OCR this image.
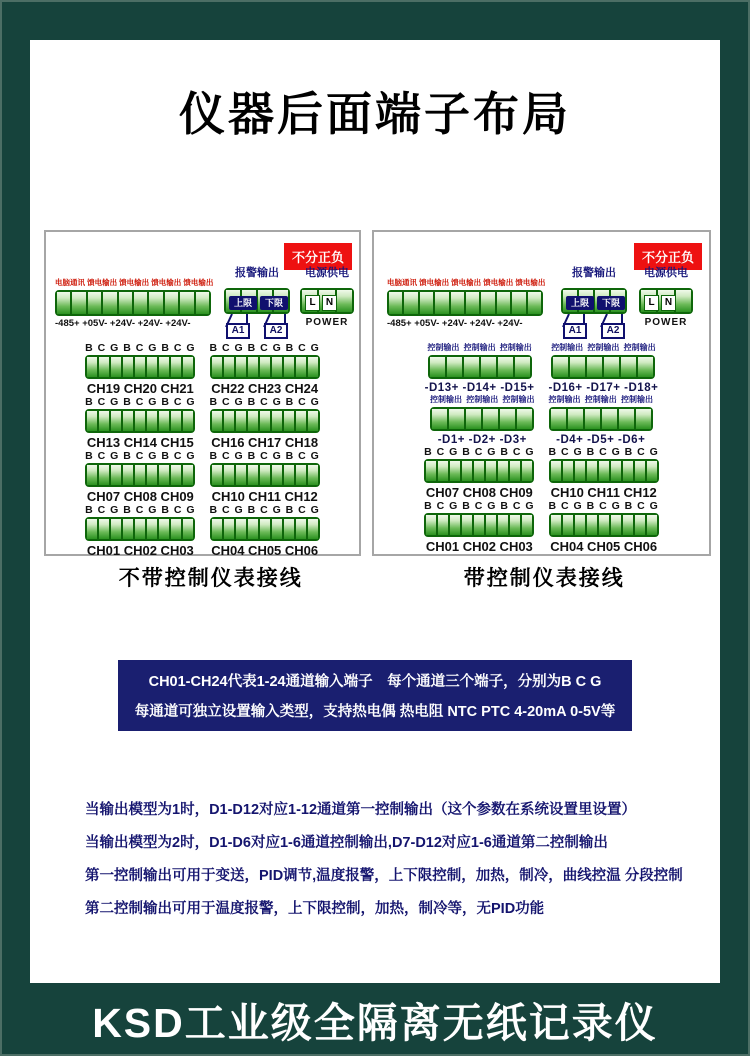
仪器后面端子布局
不分正负
电脑通讯 馈电输出 馈电输出 馈电输出 馈电输出
-485+ +05V- +24V- +24V- +24V-
报警输出
上限	下限
A1	A2
电源供电
L	N
POWER
B C G B C G B C G
CH19 CH20 CH21
B C G B C G B C G
CH22 CH23 CH24
B C G B C G B C G
CH13 CH14 CH15
B C G B C G B C G
CH16 CH17 CH18
B C G B C G B C G
CH07 CH08 CH09
B C G B C G B C G
CH10 CH11 CH12
B C G B C G B C G
CH01 CH02 CH03
B C G B C G B C G
CH04 CH05 CH06
不分正负
电脑通讯 馈电输出 馈电输出 馈电输出 馈电输出
-485+ +05V- +24V- +24V- +24V-
报警输出
上限	下限
A1	A2
电源供电
L	N
POWER
控制输出 控制输出 控制输出
-D13+ -D14+ -D15+
控制输出 控制输出 控制输出
-D16+ -D17+ -D18+
控制输出 控制输出 控制输出
-D1+ -D2+ -D3+
控制输出 控制输出 控制输出
-D4+ -D5+ -D6+
B C G B C G B C G
CH07 CH08 CH09
B C G B C G B C G
CH10 CH11 CH12
B C G B C G B C G
CH01 CH02 CH03
B C G B C G B C G
CH04 CH05 CH06
不带控制仪表接线	带控制仪表接线
CH01-CH24代表1-24通道输入端子　每个通道三个端子，分别为B C G
每通道可独立设置输入类型，支持热电偶 热电阻 NTC PTC 4-20mA 0-5V等

当输出模型为1时，D1-D12对应1-12通道第一控制输出（这个参数在系统设置里设置）

当输出模型为2时，D1-D6对应1-6通道控制输出,D7-D12对应1-6通道第二控制输出

第一控制输出可用于变送，PID调节,温度报警，上下限控制，加热，制冷，曲线控温 分段控制

第二控制输出可用于温度报警，上下限控制，加热，制冷等，无PID功能

KSD工业级全隔离无纸记录仪
